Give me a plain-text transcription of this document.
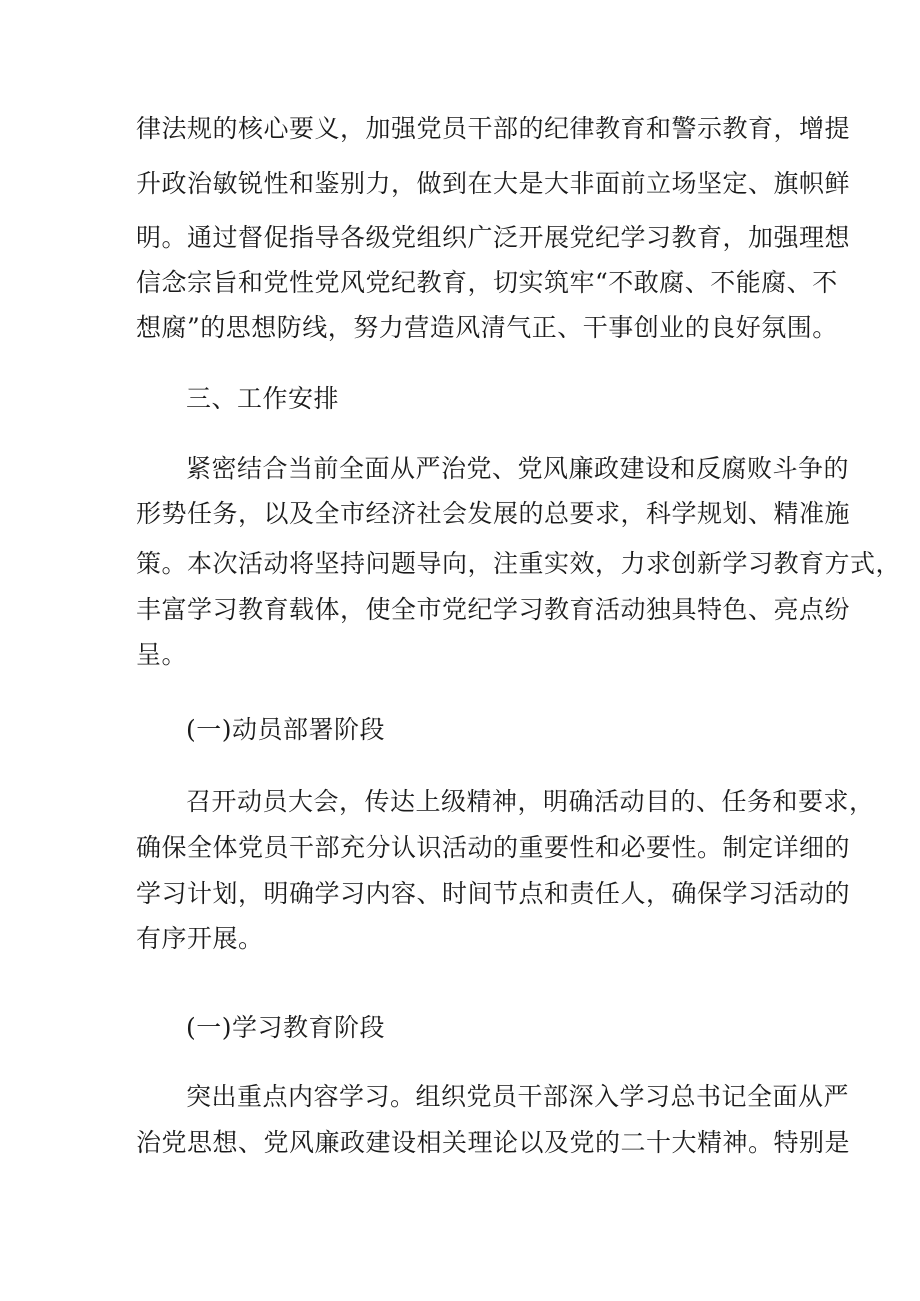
律法规的核心要义，加强党员干部的纪律教育和警示教育，增提
升政治敏锐性和鉴别力，做到在大是大非面前立场坚定、旗帜鲜
明。通过督促指导各级党组织广泛开展党纪学习教育，加强理想
信念宗旨和党性党风党纪教育，切实筑牢“不敢腐、不能腐、不
想腐”的思想防线，努力营造风清气正、干事创业的良好氛围。
三、工作安排
紧密结合当前全面从严治党、党风廉政建设和反腐败斗争的
形势任务，以及全市经济社会发展的总要求，科学规划、精准施
策。本次活动将坚持问题导向，注重实效，力求创新学习教育方式，
丰富学习教育载体，使全市党纪学习教育活动独具特色、亮点纷
呈。
(一)动员部署阶段
召开动员大会，传达上级精神，明确活动目的、任务和要求，
确保全体党员干部充分认识活动的重要性和必要性。制定详细的
学习计划，明确学习内容、时间节点和责任人，确保学习活动的
有序开展。
(一)学习教育阶段
突出重点内容学习。组织党员干部深入学习总书记全面从严
治党思想、党风廉政建设相关理论以及党的二十大精神。特别是
